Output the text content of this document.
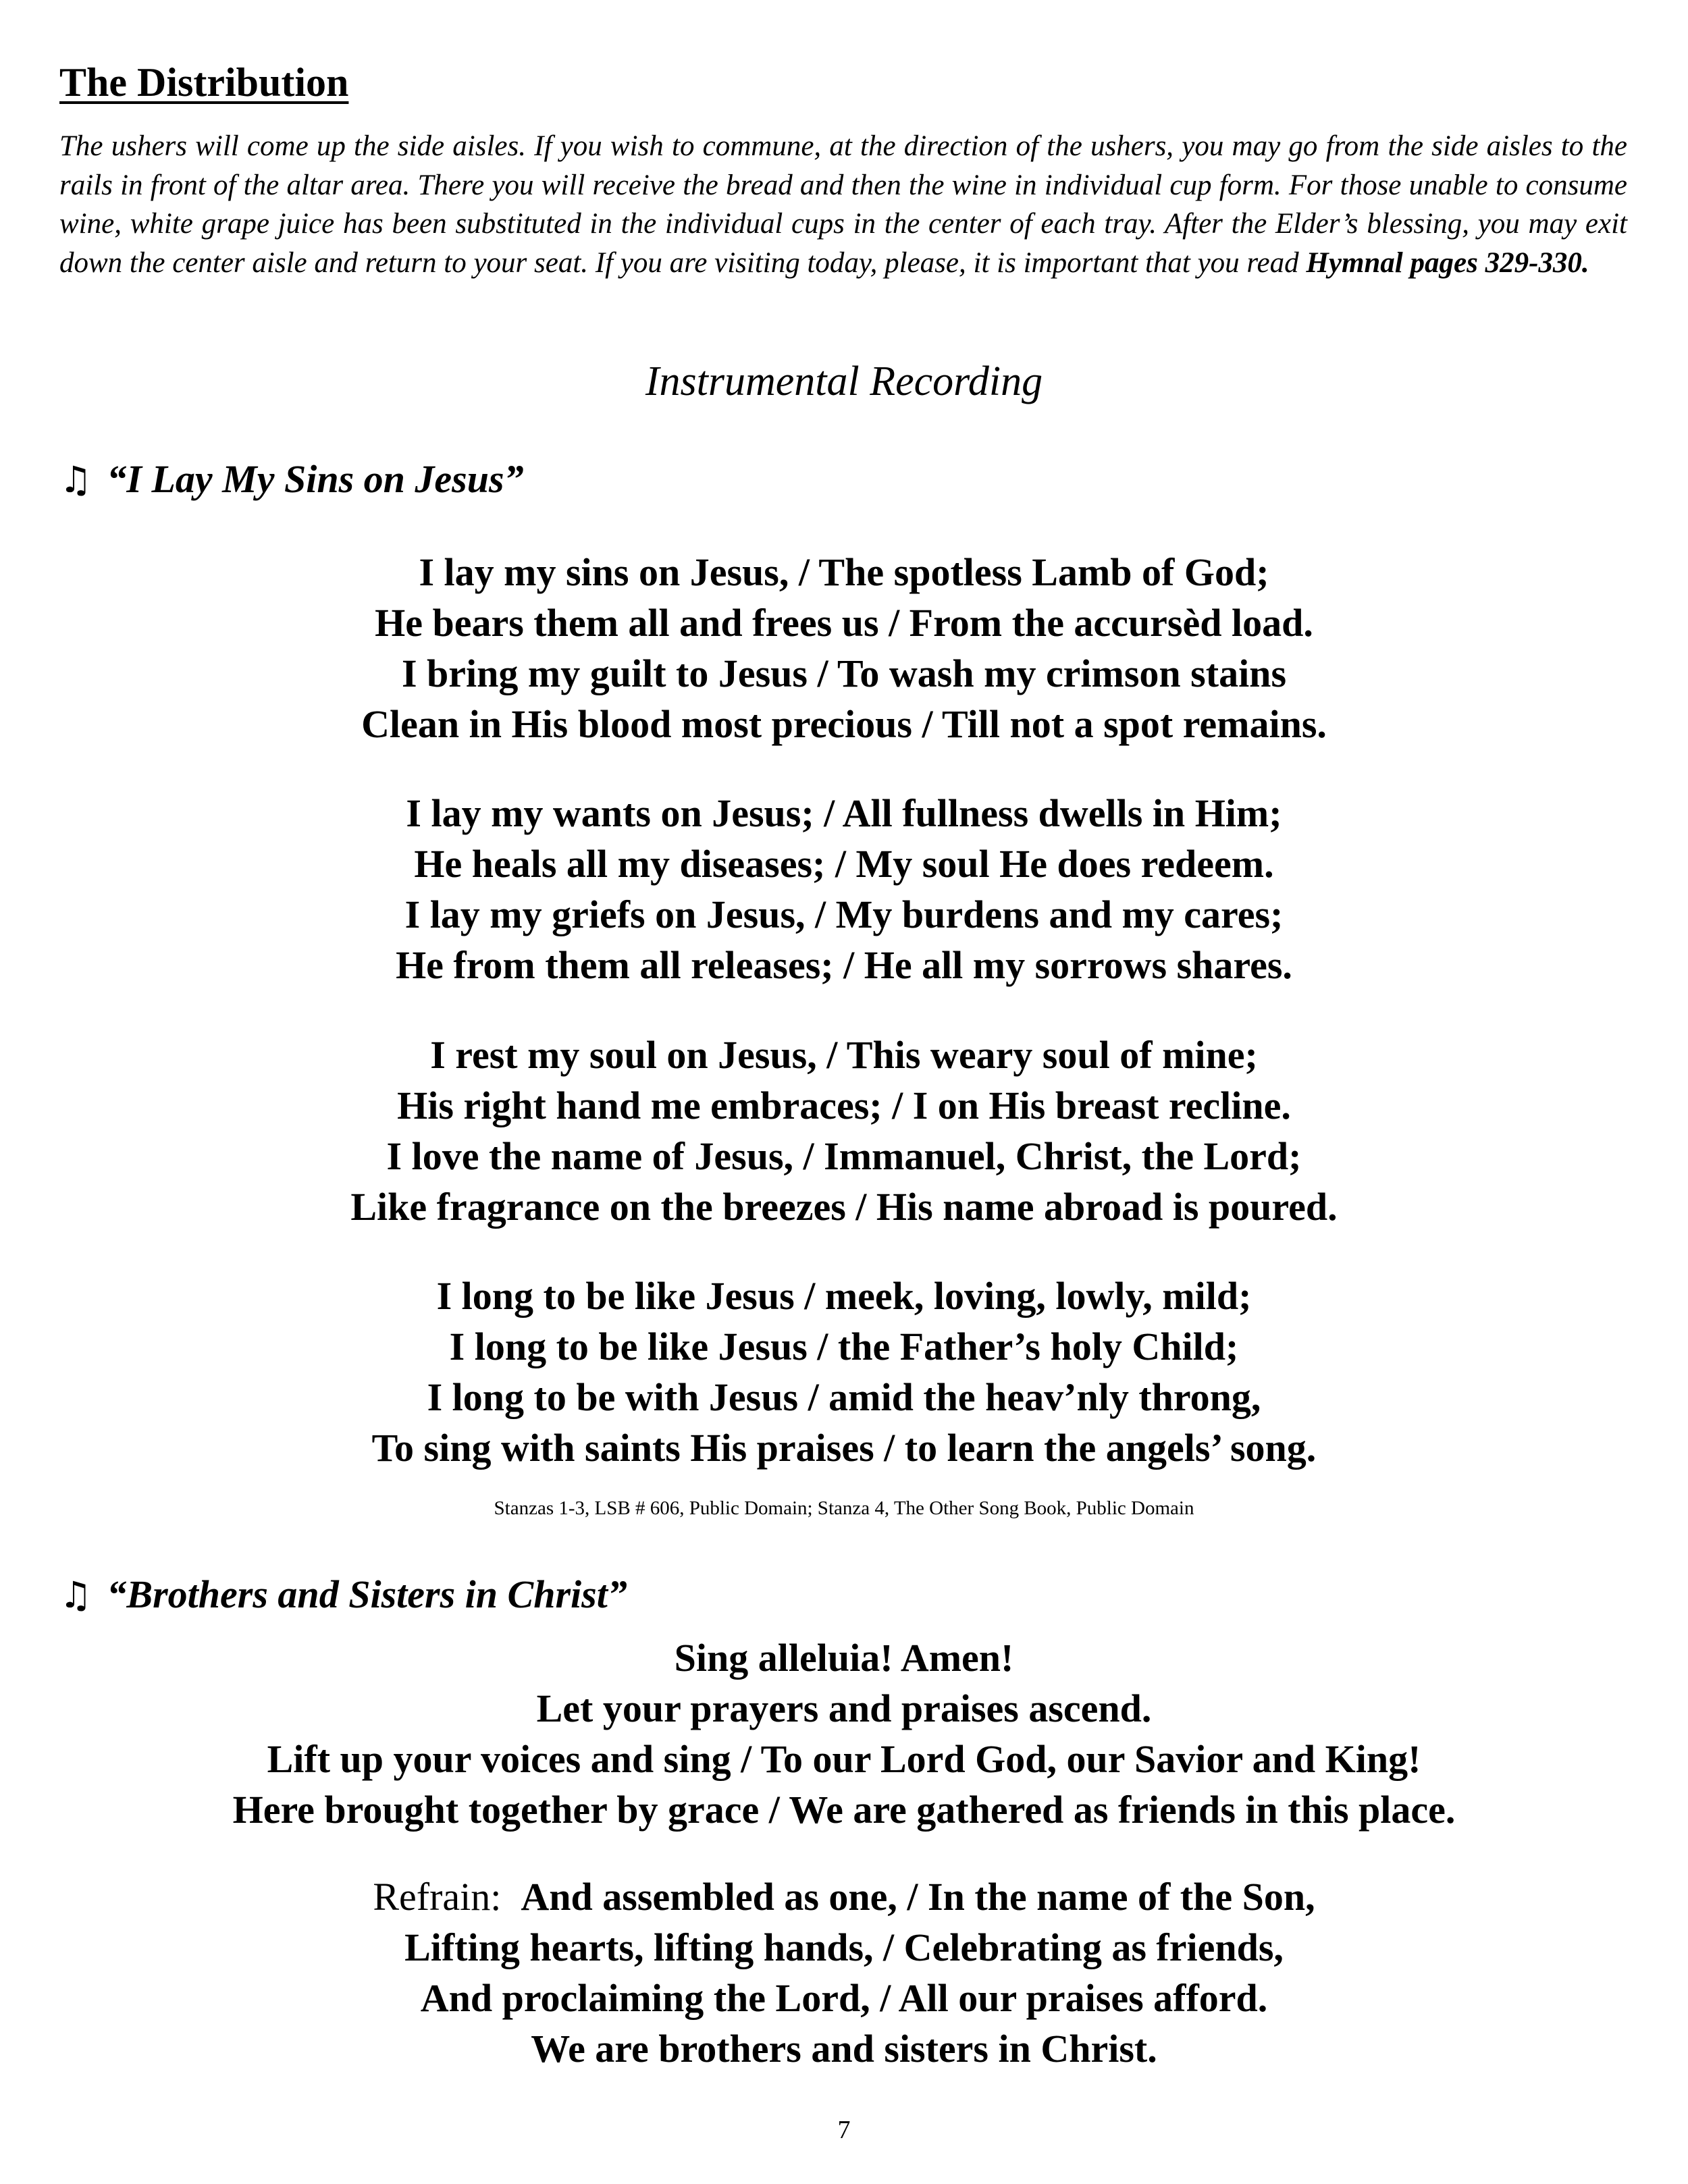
The Distribution

The ushers will come up the side aisles. If you wish to commune, at the direction of the ushers, you may go from the side aisles to the rails in front of the altar area. There you will receive the bread and then the wine in individual cup form. For those unable to consume wine, white grape juice has been substituted in the individual cups in the center of each tray. After the Elder’s blessing, you may exit down the center aisle and return to your seat. If you are visiting today, please, it is important that you read Hymnal pages 329-330.

Instrumental Recording

♫ “I Lay My Sins on Jesus”

I lay my sins on Jesus, / The spotless Lamb of God;
He bears them all and frees us / From the accursèd load.
I bring my guilt to Jesus / To wash my crimson stains
Clean in His blood most precious / Till not a spot remains.
I lay my wants on Jesus; / All fullness dwells in Him;
He heals all my diseases; / My soul He does redeem.
I lay my griefs on Jesus, / My burdens and my cares;
He from them all releases; / He all my sorrows shares.
I rest my soul on Jesus, / This weary soul of mine;
His right hand me embraces; / I on His breast recline.
I love the name of Jesus, / Immanuel, Christ, the Lord;
Like fragrance on the breezes / His name abroad is poured.
I long to be like Jesus / meek, loving, lowly, mild;
I long to be like Jesus / the Father’s holy Child;
I long to be with Jesus / amid the heav’nly throng,
To sing with saints His praises / to learn the angels’ song.

Stanzas 1-3, LSB # 606, Public Domain; Stanza 4, The Other Song Book, Public Domain

♫ “Brothers and Sisters in Christ”

Sing alleluia! Amen!
Let your prayers and praises ascend.
Lift up your voices and sing / To our Lord God, our Savior and King!
Here brought together by grace / We are gathered as friends in this place.
Refrain: And assembled as one, / In the name of the Son,
Lifting hearts, lifting hands, / Celebrating as friends,
And proclaiming the Lord, / All our praises afford.
We are brothers and sisters in Christ.

7
